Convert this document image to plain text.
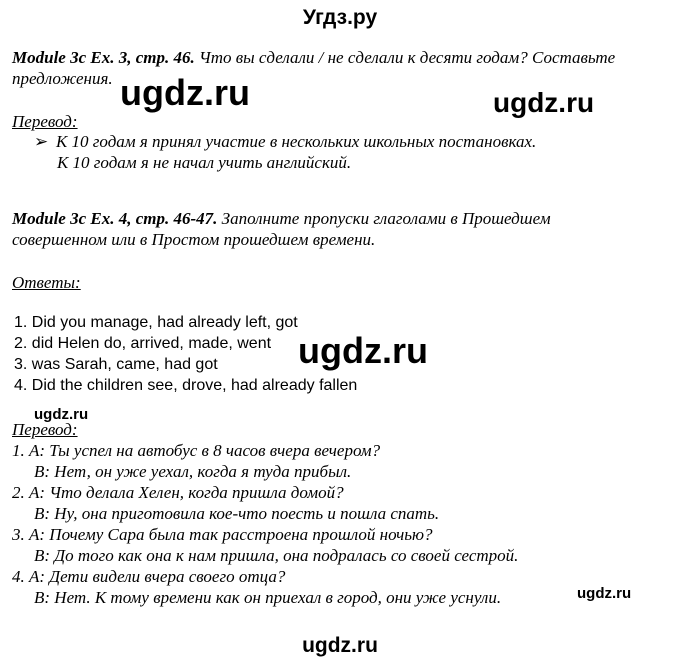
Угдз.ру
Module 3c Ex. 3, стр. 46. Что вы сделали / не сделали к десяти годам? Составьте
предложения. ugdz.ru	ugdz.ru
Перевод:
➢ К 10 годам я принял участие в нескольких школьных постановках.
К 10 годам я не начал учить английский.
Module 3c Ex. 4, стр. 46-47. Заполните пропуски глаголами в Прошедшем
совершенном или в Простом прошедшем времени.
Ответы:
1. Did you manage, had already left, got
2. did Helen do, arrived, made, went
3. was Sarah, came, had got
4. Did the children see, drove, had already fallen
ugdz.ru
ugdz.ru
Перевод:
1. А: Ты успел на автобус в 8 часов вчера вечером?
В: Нет, он уже уехал, когда я туда прибыл.
2. А: Что делала Хелен, когда пришла домой?
В: Ну, она приготовила кое-что поесть и пошла спать.
3. А: Почему Сара была так расстроена прошлой ночью?
В: До того как она к нам пришла, она подралась со своей сестрой.
4. А: Дети видели вчера своего отца?
В: Нет. К тому времени как он приехал в город, они уже уснули.	ugdz.ru
ugdz.ru
